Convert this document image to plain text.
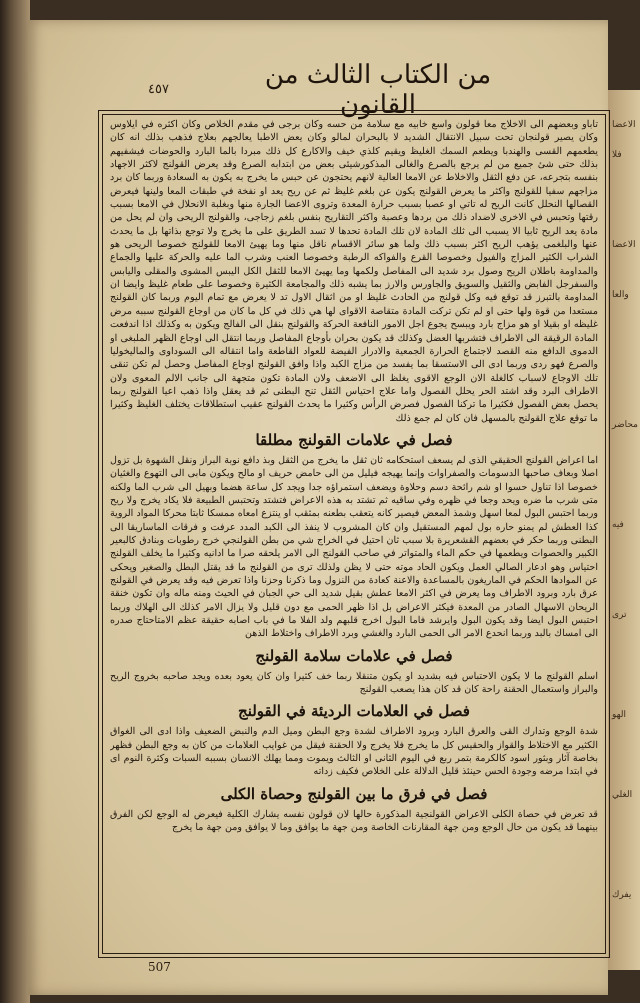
الاعضا
فلا
الاعضا
والعا
محاضر
فيه
ترى
الهو
الغلي
يفرك
٤٥٧	من الكتاب الثالث من القانون

تاباو وبعضهم الى الاخلاج معا قولون واسع خابيه مع سلامة من حسه وكان برجى في مقدم الخلاص وكان اكثره في ايلاوس وكان يصير قولنجان تحت سبيل الانتقال الشديد لا بالبحران لمالو وكان يعض الاطبا يعالجهم بعلاج فذهب بذلك انه كان يطعمهم القسى والهندبا ويطعم السمك الغليظ ويقيم كلذي خيف والاكارع كل ذلك مبردا بالما البارد والحوضات فيشفيهم بذلك حتى شئ جميع من لم يرجع بالصرع والغالى المذكورشيئى بعض من ابتدابه الصرع وقد يعرض القولنج لاكثر الاجهاد بنفسه بتجرعه، عن دفع الثقل والاخلاط عن الامعا العالية لانهم يحتجون عن حبس ما يخرج به يكون به السعادة وربما كان برد مزاجهم سفيا للقولنج واكثر ما يعرض القولنج يكون عن بلغم غليظ ثم عن ريح يعد او نفخة في طبقات المعا ولينها فيعرض القصالها النحلل كانت الريح له تاتي او عصبا بسبب حرارة المعدة وتروى الاعضا الجارة منها وبغلبة الانحلال في الامعا بسبب رقتها وتحبس في الاخرى لاضداد ذلك من بردها وعصبة واكثر التقاريح بنفس بلغم زجاجى، والقولنج الريحى وان لم يحل من مادة يعد الريح ثابيا الا يسبب الى ثلك المادة لان تلك المادة تحدها لا تسد الطريق على ما يخرج ولا توجع بذاتها بل ما يحدث عنها والبلغمى يؤهب الريح اكثر بسبب ذلك ولما هو سائر الاقسام ناقل منها وما يهيئ الامعا للقولنج خصوصا الريحى هو الشراب الكثير المزاج والفيول وخصوصا القرع والفواكه الرطبة وخصوصا العنب وشرب الما عليه والحركة عليها والجماع والمداومة باطلان الريح وصول برد شديد الى المفاصل ولكمها وما يهيئ الامعا للثقل الكل اليبس المشوى والمقلى واليابس والسفرجل الفابض والثقيل والسويق والجاورس والارز بما يشبه ذلك والمجامعة الكثيرة وخصوصا على طعام غليظ وايضا ان المداومة بالتبرز قد توقع فيه وكل قولنج من الحادث غليظ او من اثقال الاول تد لا يعرض مع تمام اليوم وربما كان القولنج مستعدا من قوة ولها حتى او لم تكن تركت المادة متقاصة الاقواى لها هي ذلك في كل ما كان من اوجاع القولنج سببه مرض غليظه او بقيلا او هو مزاج بارد ويبسح يجوع اجل الامور النافعة الحركة والقولنج بنقل الى الفالج ويكون به وكذلك اذا اندفعت المادة الرقيقة الى الاطراف فتشربها العضل وكذلك قد يكون بحران بأوجاع المفاصل وربما انتقل الى اوجاع الظهر الملبغى او الدموى الدافع منه القصد لاجتماع الحرارة الجمعية والادرار الفيضة للعواد القاطعة واما انتقاله الى السوداوى والماليخوليا والصرع فهو ردى وربما ادى الى الاستسقا بما يفسد من مزاج الكبد واذا وافق القولنج اوجاع المفاصل وحصل لم تكن تنقى تلك الاوجاع لاسباب كالغلة الان الوجع الاقوى يغلظ الى الاضعف ولان المادة تكون متجهة الى جانب الالم المعوى ولان الاطراف البرد وقد اشتد الحر يحلل الفصول واما علاج احتياس الثقل تنح البطنى ثم قد يعقل واذا ذهب اعيا القولنج ربما يحصل بعض الفصول فكثيرا ما تركنا الفصول فصرض الرأس وكثيرا ما يحدث القولنج عقيب استطلاقات يختلف الغليظ وكثيرا ما توقع علاج القولنج بالمسهل فان كان لم جمع ذلك

فصل في علامات القولنج مطلقا

اما اعراض القولنج الحقيقي الذى لم يسعف استحكامه ثان ثقل ما يخرج من الثقل وبذ دافع نوبة البراز ونقل الشهوة بل تزول اصلا وبعاف صاحبها الدسومات والصفراوات وإنما يهيجه فيليل من الى حامض حريف او مالح ويكون مابى الى التهوع والغثيان خصوصا اذا تناول حسوا او شم رائحة دسم وحلاوة ويضعف استمراؤه جدا ويجد كل ساعة هضما وبهيل الى شرب الما ولكنه متى شرب ما ضره ويحد وجعا في ظهره وفي ساقيه ثم تشتد به هذه الاعراض فتشتد وتحتبس الطبيعة فلا يكاد يخرج ولا ريح وربما احتبس البول لمعا اسهل وشمذ المعض فيصير كانه يتعقب بطعنه بمثقب او ينتزع امعاه ممسكا ثابتا محركا المواد الروية كذا العطش لم يمنو حاره بول لمهم المستقيل وان كان المشروب لا ينفذ الى الكبد المدد عرفت و فرقات الماساريقا الى البطنى وربما حكر في بعضهم القشعريرة بلا سبب ثان احتيل في الخراج شي من بطن القولنجي خرج رطوبات وبنادق كالبعير الكبير والحصوات ويطعمها في حكم الماء والمتواتر في صاحب القولنج الى الامر يلحقه صرا ما ادانيه وكثيرا ما يخلف القولنج احتياس وهو ادعار الصالي العمل ويكون الحاد موته حتى لا يظن ولذلك ترى من القولنج ما قد يقتل البطل والصغير ويحكى عن الموادها الحكم في الماريغون بالمساعدة والاعنة كعادة من النزول وما ذكرنا وحزنا واذا تعرض فيه وقد يعرض في القولنج عرق بارد وبرود الاطراف وما يعرض في اكثر الامعا عطش بقيل شديد الى حي الجبان في الحيث ومنه ماله وان تكون خنقة الريحان الاسهال الصادر من المعدة فيكثر الاعراض بل اذا ظهر الحمى مع دون قليل ولا يزال الامر كذلك الى الهلاك وربما احتبس البول ايضا وقد يكون البول وايرشد فاما البول اخرج قلبهم ولد الفلا ما في باب اصابه حقيقة عظم الامتاحتاج صدره الى امساك بالبد وربما انحدع الامر الى الحمى البارد والغشي وبرد الاطراف واختلاط الذهن

فصل في علامات سلامة القولنج

اسلم القولنج ما لا يكون الاحتباس فيه بشديد او يكون متنقلا ربما خف كثيرا وان كان يعود بعده ويجد صاحبه بخروج الريح والبراز واستعمال الحقنة راحة كان قد كان هذا يصعب القولنج

فصل في العلامات الرديئة في القولنج

شدة الوجع وتدارك القى والعرق البارد وبرود الاطراف لشدة وجع البطن وميل الدم والنبض الضعيف واذا ادى الى الغواق الكثير مع الاختلاط والقواز والحقيس كل ما يخرج فلا يخرج ولا الحقنة فيقل من غوايب العلامات من كان به وجع البطن فظهر بخاصة آثار وبثور اسود كالكرمة بتمر ربع في اليوم الثانى او الثالث ويموت ومما يهلك الانسان بسببه السبات وكثرة النوم اى في ابتدا مرضه وجودة الحس حينئذ قليل الدلالة على الخلاص فكيف زداته

فصل في فرق ما بين القولنج وحصاة الكلى

قد تعرض في حصاة الكلى الاعراض القولنجية المذكورة حالها لان قولون نفسه يشارك الكلية فيعرض له الوجع لكن الفرق بينهما قد يكون من حال الوجع ومن جهة المقارنات الخاصة ومن جهة ما يوافق وما لا يوافق ومن جهة ما يخرج

507
